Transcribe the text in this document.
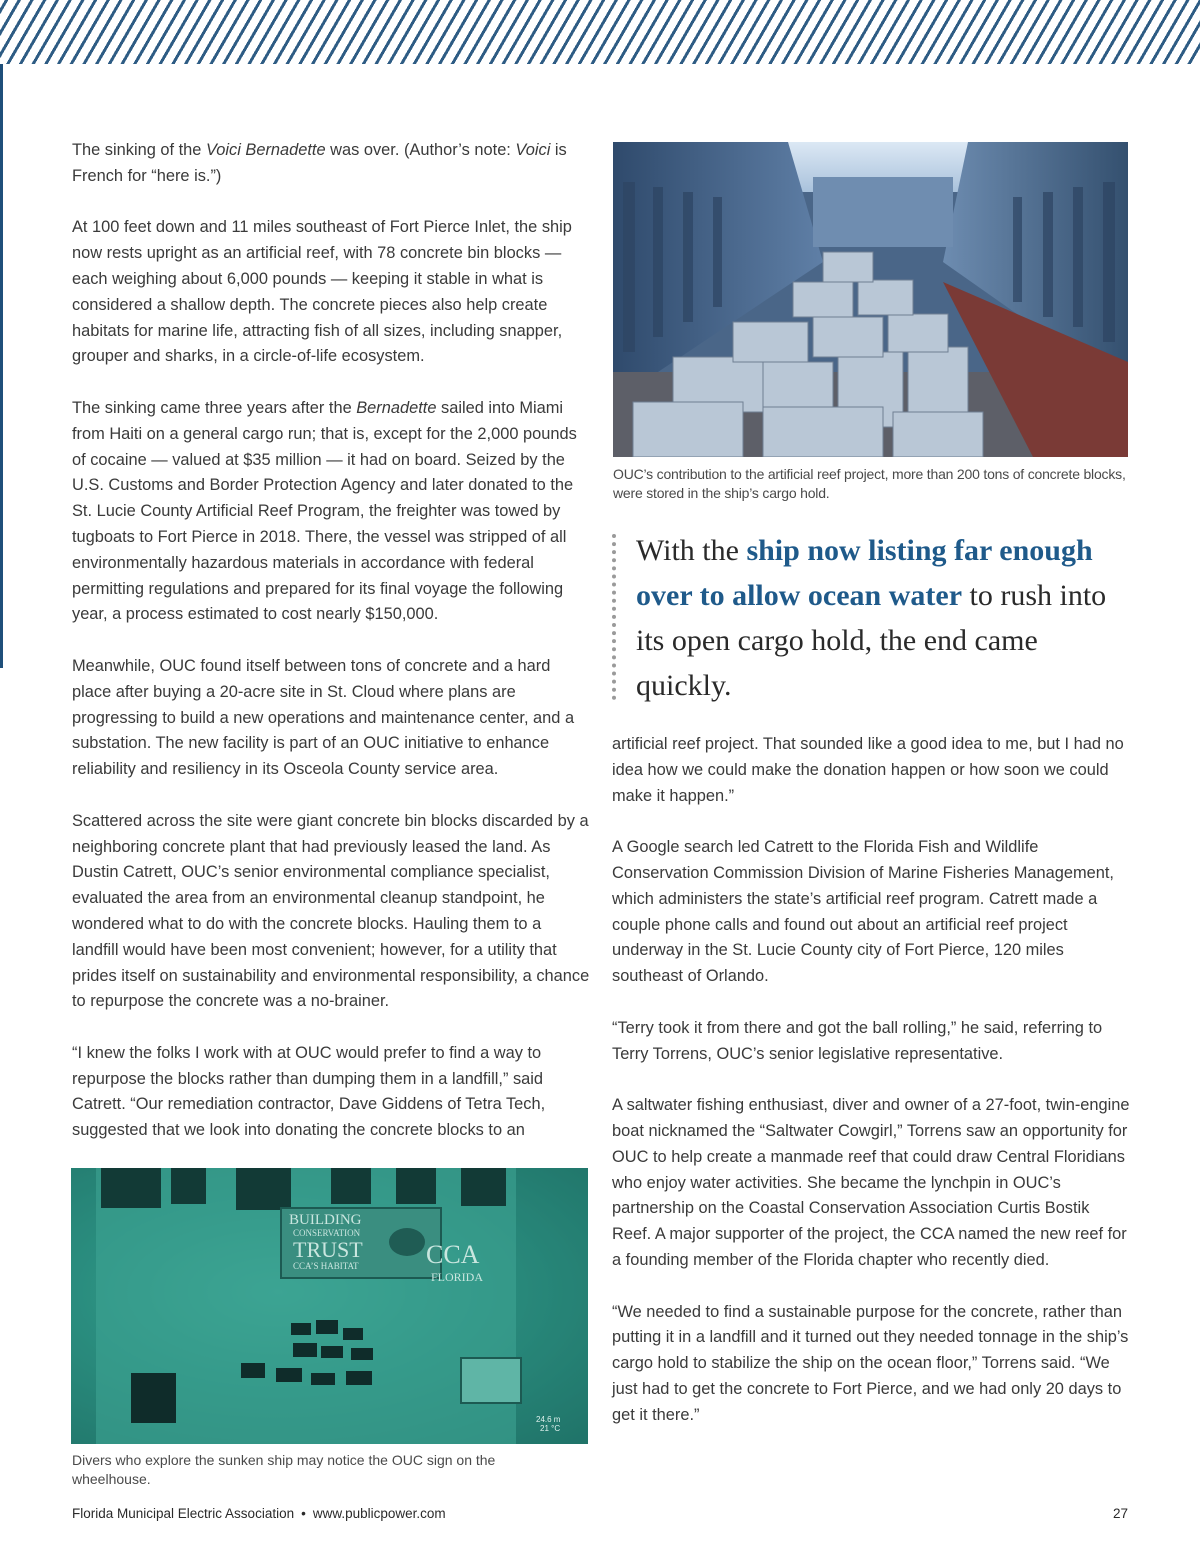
The sinking of the Voici Bernadette was over. (Author’s note: Voici is French for “here is.”)

At 100 feet down and 11 miles southeast of Fort Pierce Inlet, the ship now rests upright as an artificial reef, with 78 concrete bin blocks — each weighing about 6,000 pounds — keeping it stable in what is considered a shallow depth. The concrete pieces also help create habitats for marine life, attracting fish of all sizes, including snapper, grouper and sharks, in a circle-of-life ecosystem.

The sinking came three years after the Bernadette sailed into Miami from Haiti on a general cargo run; that is, except for the 2,000 pounds of cocaine — valued at $35 million — it had on board. Seized by the U.S. Customs and Border Protection Agency and later donated to the St. Lucie County Artificial Reef Program, the freighter was towed by tugboats to Fort Pierce in 2018. There, the vessel was stripped of all environmentally hazardous materials in accordance with federal permitting regulations and prepared for its final voyage the following year, a process estimated to cost nearly $150,000.

Meanwhile, OUC found itself between tons of concrete and a hard place after buying a 20-acre site in St. Cloud where plans are progressing to build a new operations and maintenance center, and a substation. The new facility is part of an OUC initiative to enhance reliability and resiliency in its Osceola County service area.

Scattered across the site were giant concrete bin blocks discarded by a neighboring concrete plant that had previously leased the land. As Dustin Catrett, OUC’s senior environmental compliance specialist, evaluated the area from an environmental cleanup standpoint, he wondered what to do with the concrete blocks. Hauling them to a landfill would have been most convenient; however, for a utility that prides itself on sustainability and environmental responsibility, a chance to repurpose the concrete was a no-brainer.

“I knew the folks I work with at OUC would prefer to find a way to repurpose the blocks rather than dumping them in a landfill,” said Catrett. “Our remediation contractor, Dave Giddens of Tetra Tech, suggested that we look into donating the concrete blocks to an

OUC’s contribution to the artificial reef project, more than 200 tons of concrete blocks, were stored in the ship’s cargo hold.
With the ship now listing far enough over to allow ocean water to rush into its open cargo hold, the end came quickly.

artificial reef project. That sounded like a good idea to me, but I had no idea how we could make the donation happen or how soon we could make it happen.”

A Google search led Catrett to the Florida Fish and Wildlife Conservation Commission Division of Marine Fisheries Management, which administers the state’s artificial reef program. Catrett made a couple phone calls and found out about an artificial reef project underway in the St. Lucie County city of Fort Pierce, 120 miles southeast of Orlando.

“Terry took it from there and got the ball rolling,” he said, referring to Terry Torrens, OUC’s senior legislative representative.

A saltwater fishing enthusiast, diver and owner of a 27-foot, twin-engine boat nicknamed the “Saltwater Cowgirl,” Torrens saw an opportunity for OUC to help create a manmade reef that could draw Central Floridians who enjoy water activities. She became the lynchpin in OUC’s partnership on the Coastal Conservation Association Curtis Bostik Reef. A major supporter of the project, the CCA named the new reef for a founding member of the Florida chapter who recently died.

“We needed to find a sustainable purpose for the concrete, rather than putting it in a landfill and it turned out they needed tonnage in the ship’s cargo hold to stabilize the ship on the ocean floor,” Torrens said. “We just had to get the concrete to Fort Pierce, and we had only 20 days to get it there.”

BUILDING
CONSERVATION
TRUST
CCA’S HABITAT	CCA
FLORIDA
24.6 m
21 °C
Divers who explore the sunken ship may notice the OUC sign on the wheelhouse.
Florida Municipal Electric Association • www.publicpower.com	27
